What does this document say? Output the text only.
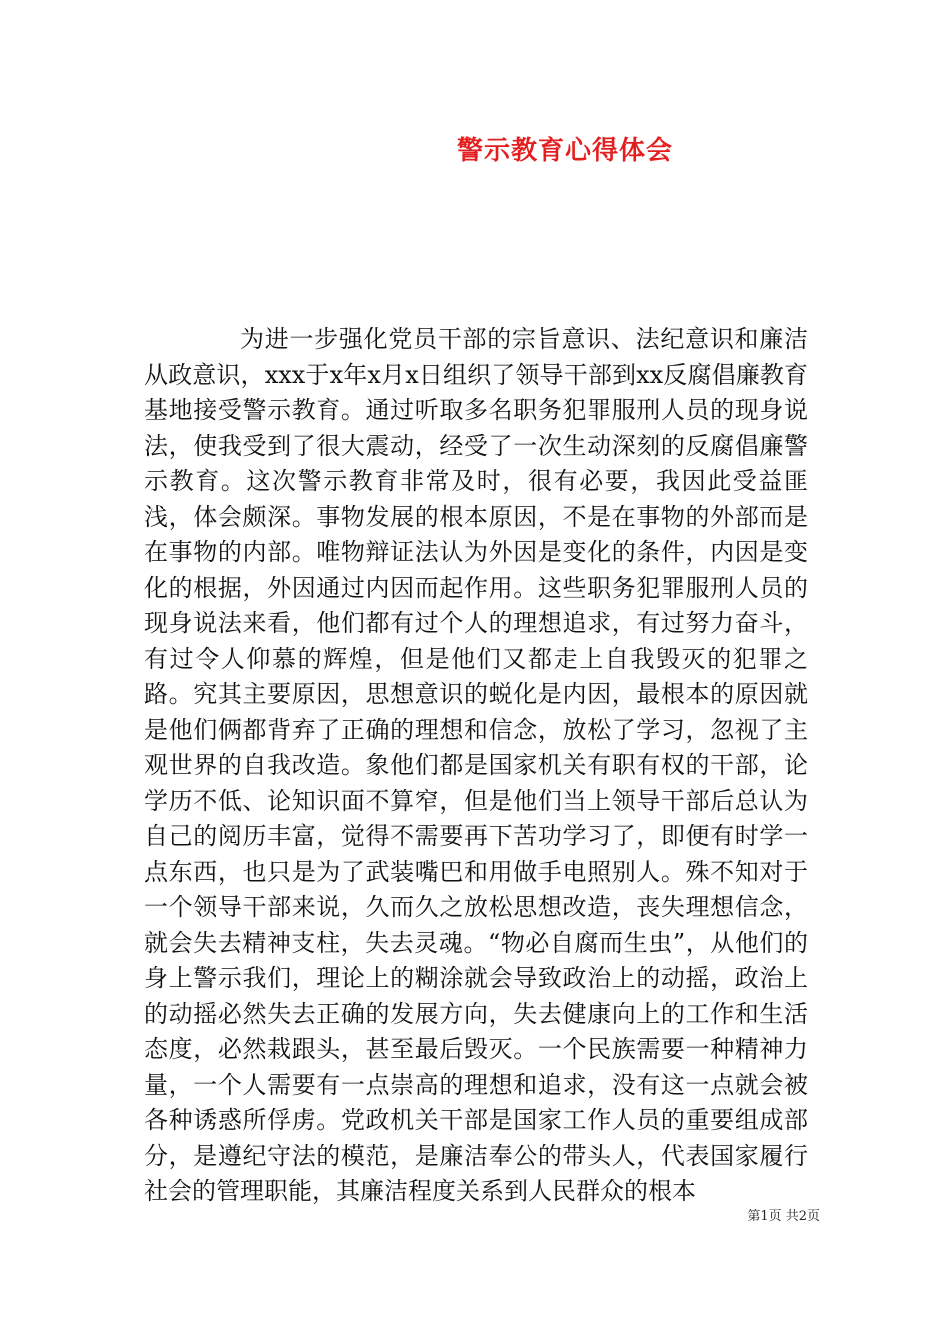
警示教育心得体会

为进一步强化党员干部的宗旨意识、法纪意识和廉洁从政意识，xxx于x年x月x日组织了领导干部到xx反腐倡廉教育基地接受警示教育。通过听取多名职务犯罪服刑人员的现身说法，使我受到了很大震动，经受了一次生动深刻的反腐倡廉警示教育。这次警示教育非常及时，很有必要，我因此受益匪浅，体会颇深。事物发展的根本原因，不是在事物的外部而是在事物的内部。唯物辩证法认为外因是变化的条件，内因是变化的根据，外因通过内因而起作用。这些职务犯罪服刑人员的现身说法来看，他们都有过个人的理想追求，有过努力奋斗，有过令人仰慕的辉煌，但是他们又都走上自我毁灭的犯罪之路。究其主要原因，思想意识的蜕化是内因，最根本的原因就是他们俩都背弃了正确的理想和信念，放松了学习，忽视了主观世界的自我改造。象他们都是国家机关有职有权的干部，论学历不低、论知识面不算窄，但是他们当上领导干部后总认为自己的阅历丰富，觉得不需要再下苦功学习了，即便有时学一点东西，也只是为了武装嘴巴和用做手电照别人。殊不知对于一个领导干部来说，久而久之放松思想改造，丧失理想信念，就会失去精神支柱，失去灵魂。“物必自腐而生虫”，从他们的身上警示我们，理论上的糊涂就会导致政治上的动摇，政治上的动摇必然失去正确的发展方向，失去健康向上的工作和生活态度，必然栽跟头，甚至最后毁灭。一个民族需要一种精神力量，一个人需要有一点崇高的理想和追求，没有这一点就会被各种诱惑所俘虏。党政机关干部是国家工作人员的重要组成部分，是遵纪守法的模范，是廉洁奉公的带头人，代表国家履行社会的管理职能，其廉洁程度关系到人民群众的根本

第1页 共2页
